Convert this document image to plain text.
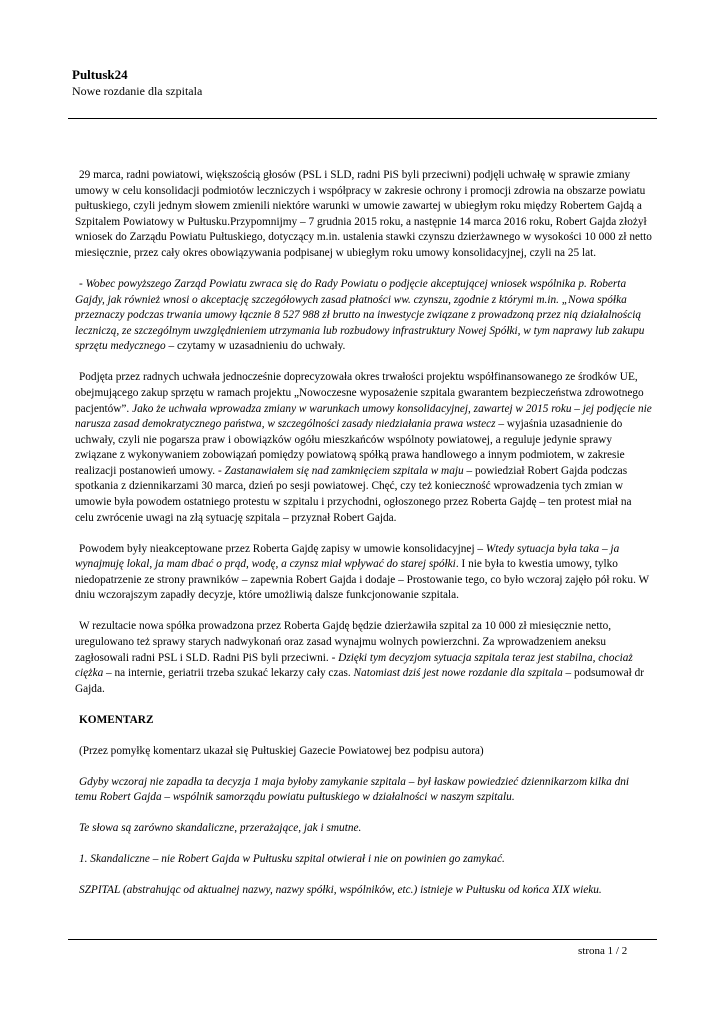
Pultusk24
Nowe rozdanie dla szpitala

29 marca, radni powiatowi, większością głosów (PSL i SLD, radni PiS byli przeciwni) podjęli uchwałę w sprawie zmiany umowy w celu konsolidacji podmiotów leczniczych i współpracy w zakresie ochrony i promocji zdrowia na obszarze powiatu pułtuskiego, czyli jednym słowem zmienili niektóre warunki w umowie zawartej w ubiegłym roku między Robertem Gajdą a Szpitalem Powiatowy w Pułtusku.Przypomnijmy – 7 grudnia 2015 roku, a następnie 14 marca 2016 roku, Robert Gajda złożył wniosek do Zarządu Powiatu Pułtuskiego, dotyczący m.in. ustalenia stawki czynszu dzierżawnego w wysokości 10 000 zł netto miesięcznie, przez cały okres obowiązywania podpisanej w ubiegłym roku umowy konsolidacyjnej, czyli na 25 lat.

- Wobec powyższego Zarząd Powiatu zwraca się do Rady Powiatu o podjęcie akceptującej wniosek wspólnika p. Roberta Gajdy, jak również wnosi o akceptację szczegółowych zasad płatności ww. czynszu, zgodnie z którymi m.in. „Nowa spółka przeznaczy podczas trwania umowy łącznie 8 527 988 zł brutto na inwestycje związane z prowadzoną przez nią działalnością leczniczą, ze szczególnym uwzględnieniem utrzymania lub rozbudowy infrastruktury Nowej Spółki, w tym naprawy lub zakupu sprzętu medycznego – czytamy w uzasadnieniu do uchwały.

Podjęta przez radnych uchwała jednocześnie doprecyzowała okres trwałości projektu współfinansowanego ze środków UE, obejmującego zakup sprzętu w ramach projektu „Nowoczesne wyposażenie szpitala gwarantem bezpieczeństwa zdrowotnego pacjentów”. Jako że uchwała wprowadza zmiany w warunkach umowy konsolidacyjnej, zawartej w 2015 roku – jej podjęcie nie narusza zasad demokratycznego państwa, w szczególności zasady niedziałania prawa wstecz – wyjaśnia uzasadnienie do uchwały, czyli nie pogarsza praw i obowiązków ogółu mieszkańców wspólnoty powiatowej, a reguluje jedynie sprawy związane z wykonywaniem zobowiązań pomiędzy powiatową spółką prawa handlowego a innym podmiotem, w zakresie realizacji postanowień umowy. - Zastanawiałem się nad zamknięciem szpitala w maju – powiedział Robert Gajda podczas spotkania z dziennikarzami 30 marca, dzień po sesji powiatowej. Chęć, czy też konieczność wprowadzenia tych zmian w umowie była powodem ostatniego protestu w szpitalu i przychodni, ogłoszonego przez Roberta Gajdę – ten protest miał na celu zwrócenie uwagi na złą sytuację szpitala – przyznał Robert Gajda.

Powodem były nieakceptowane przez Roberta Gajdę zapisy w umowie konsolidacyjnej – Wtedy sytuacja była taka – ja wynajmuję lokal, ja mam dbać o prąd, wodę, a czynsz miał wpływać do starej spółki. I nie była to kwestia umowy, tylko niedopatrzenie ze strony prawników – zapewnia Robert Gajda i dodaje – Prostowanie tego, co było wczoraj zajęło pół roku. W dniu wczorajszym zapadły decyzje, które umożliwią dalsze funkcjonowanie szpitala.

W rezultacie nowa spółka prowadzona przez Roberta Gajdę będzie dzierżawiła szpital za 10 000 zł miesięcznie netto, uregulowano też sprawy starych nadwykonań oraz zasad wynajmu wolnych powierzchni. Za wprowadzeniem aneksu zagłosowali radni PSL i SLD. Radni PiS byli przeciwni. - Dzięki tym decyzjom sytuacja szpitala teraz jest stabilna, chociaż ciężka – na internie, geriatrii trzeba szukać lekarzy cały czas. Natomiast dziś jest nowe rozdanie dla szpitala – podsumował dr Gajda.

KOMENTARZ

(Przez pomyłkę komentarz ukazał się Pułtuskiej Gazecie Powiatowej bez podpisu autora)

Gdyby wczoraj nie zapadła ta decyzja 1 maja byłoby zamykanie szpitala – był łaskaw powiedzieć dziennikarzom kilka dni temu Robert Gajda – wspólnik samorządu powiatu pułtuskiego w działalności w naszym szpitalu.

Te słowa są zarówno skandaliczne, przerażające, jak i smutne.

1. Skandaliczne – nie Robert Gajda w Pułtusku szpital otwierał i nie on powinien go zamykać.

SZPITAL (abstrahując od aktualnej nazwy, nazwy spółki, wspólników, etc.) istnieje w Pułtusku od końca XIX wieku.

strona 1 / 2
